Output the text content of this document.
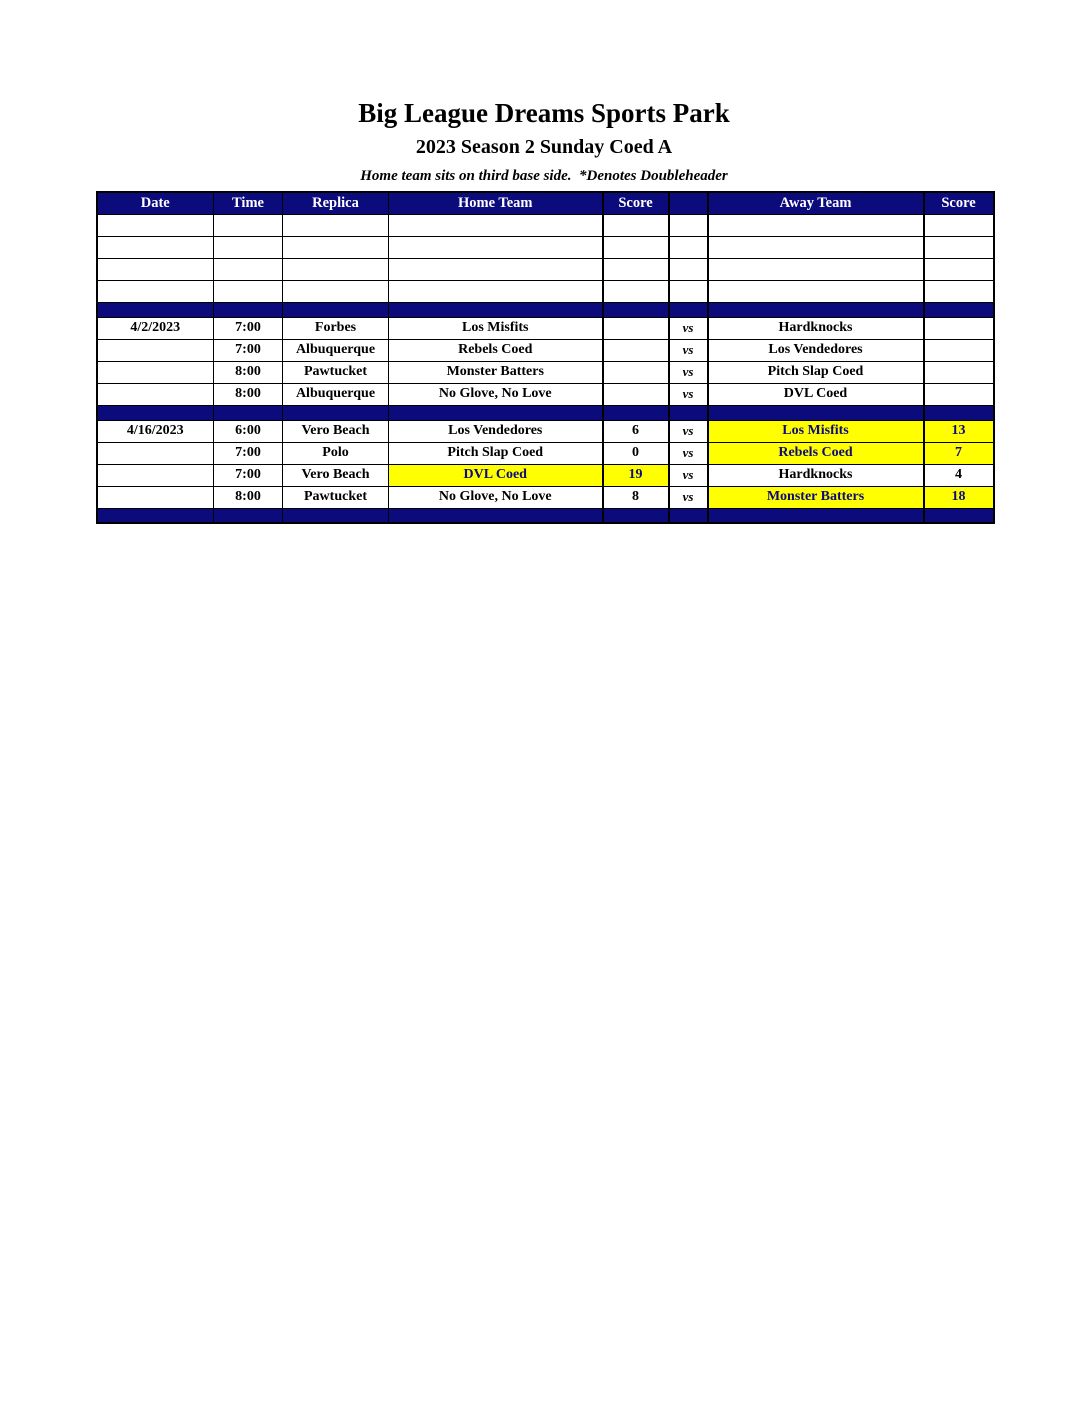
Big League Dreams Sports Park
2023 Season 2 Sunday Coed A
Home team sits on third base side.  *Denotes Doubleheader
Date	Time	Replica	Home Team	Score		Away Team	Score

4/2/2023	7:00	Forbes	Los Misfits		vs	Hardknocks	
	7:00	Albuquerque	Rebels Coed		vs	Los Vendedores	
	8:00	Pawtucket	Monster Batters		vs	Pitch Slap Coed	
	8:00	Albuquerque	No Glove, No Love		vs	DVL Coed	

4/16/2023	6:00	Vero Beach	Los Vendedores	6	vs	Los Misfits	13
	7:00	Polo	Pitch Slap Coed	0	vs	Rebels Coed	7
	7:00	Vero Beach	DVL Coed	19	vs	Hardknocks	4
	8:00	Pawtucket	No Glove, No Love	8	vs	Monster Batters	18
